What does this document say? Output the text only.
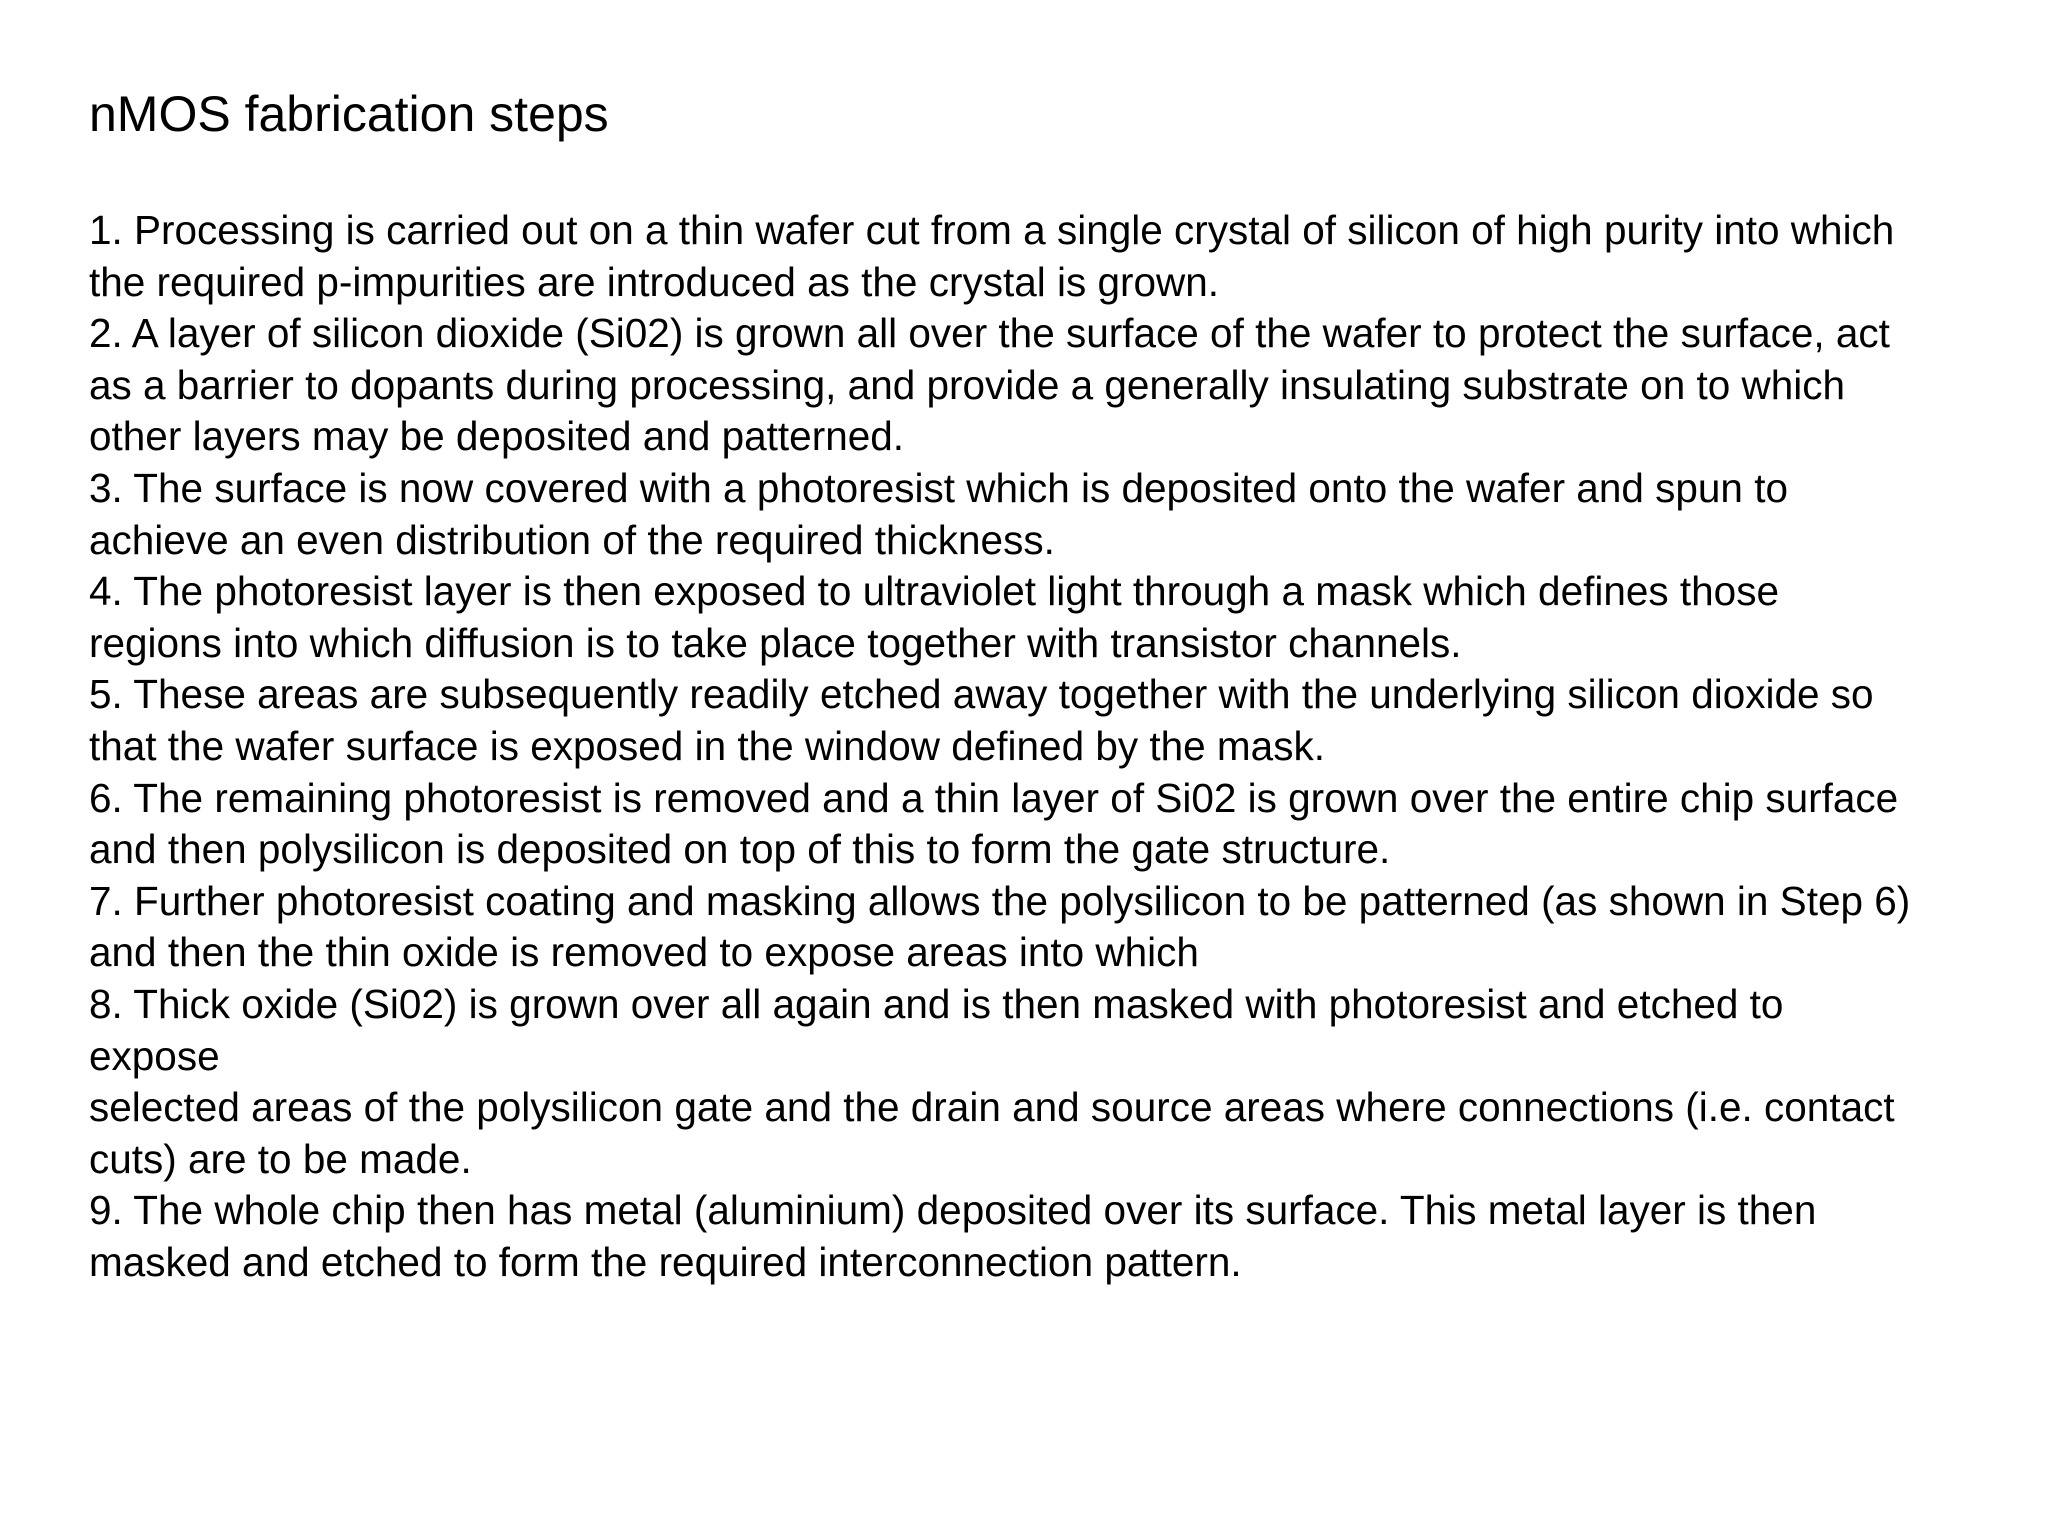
nMOS fabrication steps
1. Processing is carried out on a thin wafer cut from a single crystal of silicon of high purity into which
the required p-impurities are introduced as the crystal is grown.
2. A layer of silicon dioxide (Si02) is grown all over the surface of the wafer to protect the surface, act
as a barrier to dopants during processing, and provide a generally insulating substrate on to which
other layers may be deposited and patterned.
3. The surface is now covered with a photoresist which is deposited onto the wafer and spun to
achieve an even distribution of the required thickness.
4. The photoresist layer is then exposed to ultraviolet light through a mask which defines those
regions into which diffusion is to take place together with transistor channels.
5. These areas are subsequently readily etched away together with the underlying silicon dioxide so
that the wafer surface is exposed in the window defined by the mask.
6. The remaining photoresist is removed and a thin layer of Si02 is grown over the entire chip surface
and then polysilicon is deposited on top of this to form the gate structure.
7. Further photoresist coating and masking allows the polysilicon to be patterned (as shown in Step 6)
and then the thin oxide is removed to expose areas into which
8. Thick oxide (Si02) is grown over all again and is then masked with photoresist and etched to
expose
selected areas of the polysilicon gate and the drain and source areas where connections (i.e. contact
cuts) are to be made.
9. The whole chip then has metal (aluminium) deposited over its surface. This metal layer is then
masked and etched to form the required interconnection pattern.
